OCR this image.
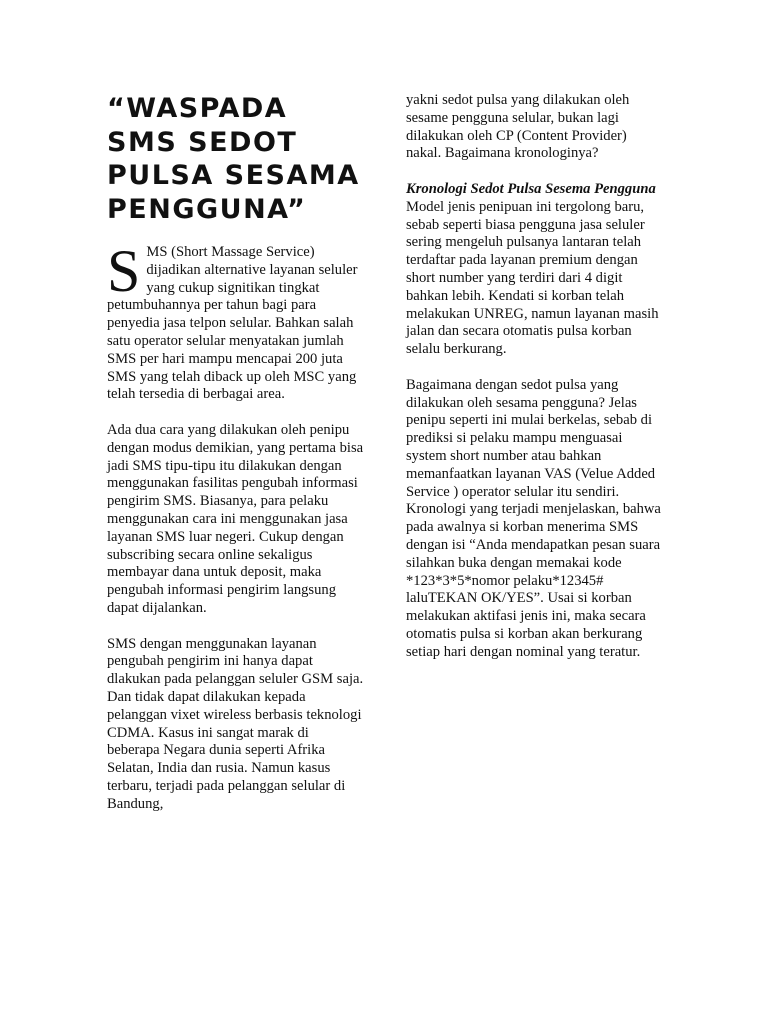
“WASPADA SMS SEDOT PULSA SESAMA PENGGUNA”
SMS (Short Massage Service) dijadikan alternative layanan seluler yang cukup signitikan tingkat petumbuhannya per tahun bagi para penyedia jasa telpon selular. Bahkan salah satu operator selular menyatakan jumlah SMS per hari mampu mencapai 200 juta SMS yang telah diback up oleh MSC yang telah tersedia di berbagai area.

Ada dua cara yang dilakukan oleh penipu dengan modus demikian, yang pertama bisa jadi SMS tipu-tipu itu dilakukan dengan menggunakan fasilitas pengubah informasi pengirim SMS. Biasanya, para pelaku menggunakan cara ini menggunakan jasa layanan SMS luar negeri. Cukup dengan subscribing secara online sekaligus membayar dana untuk deposit, maka pengubah informasi pengirim langsung dapat dijalankan.

SMS dengan menggunakan layanan pengubah pengirim ini hanya dapat dlakukan pada pelanggan seluler GSM saja. Dan tidak dapat dilakukan kepada pelanggan vixet wireless berbasis teknologi CDMA. Kasus ini sangat marak di beberapa Negara dunia seperti Afrika Selatan, India dan rusia. Namun kasus terbaru, terjadi pada pelanggan selular di Bandung,

yakni sedot pulsa yang dilakukan oleh sesame pengguna selular, bukan lagi dilakukan oleh CP (Content Provider) nakal. Bagaimana kronologinya?

Kronologi Sedot Pulsa Sesema Pengguna

Model jenis penipuan ini tergolong baru, sebab seperti biasa pengguna jasa seluler sering mengeluh pulsanya lantaran telah terdaftar pada layanan premium dengan short number yang terdiri dari 4 digit bahkan lebih. Kendati si korban telah melakukan UNREG, namun layanan masih jalan dan secara otomatis pulsa korban selalu berkurang.

Bagaimana dengan sedot pulsa yang dilakukan oleh sesama pengguna? Jelas penipu seperti ini mulai berkelas, sebab di prediksi si pelaku mampu menguasai system short number atau bahkan memanfaatkan layanan VAS (Velue Added Service ) operator selular itu sendiri. Kronologi yang terjadi menjelaskan, bahwa pada awalnya si korban menerima SMS dengan isi “Anda mendapatkan pesan suara silahkan buka dengan memakai kode *123*3*5*nomor pelaku*12345# laluTEKAN OK/YES”. Usai si korban melakukan aktifasi jenis ini, maka secara otomatis pulsa si korban akan berkurang setiap hari dengan nominal yang teratur.
